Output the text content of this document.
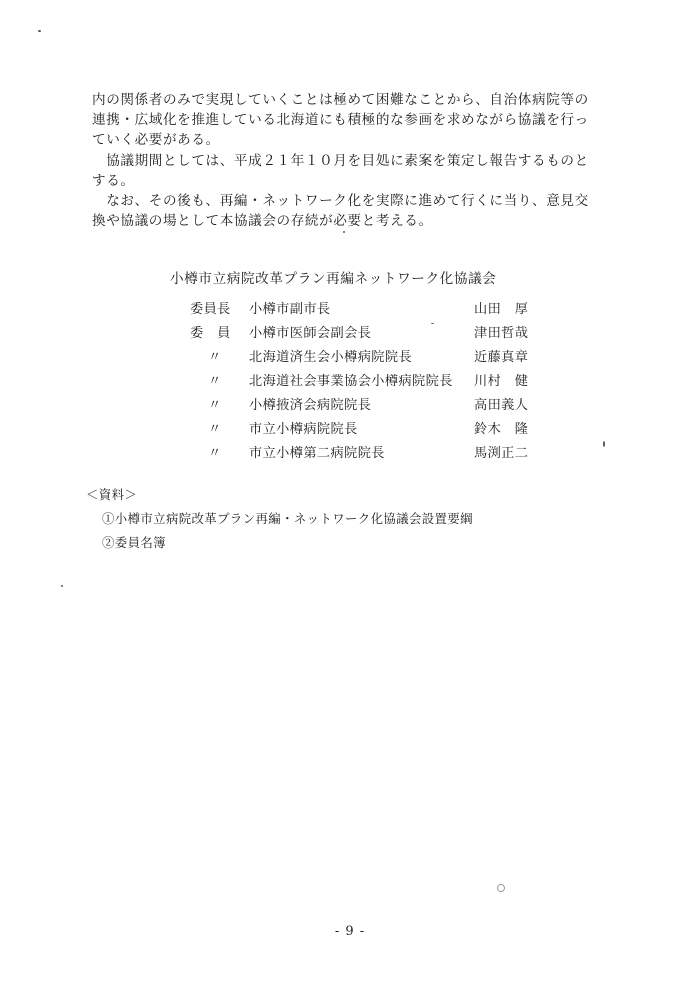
内の関係者のみで実現していくことは極めて困難なことから、自治体病院等の
連携・広域化を推進している北海道にも積極的な参画を求めながら協議を行っ
ていく必要がある。

　協議期間としては、平成２１年１０月を目処に素案を策定し報告するものと
する。

　なお、その後も、再編・ネットワーク化を実際に進めて行くに当り、意見交
換や協議の場として本協議会の存続が必要と考える。

小樽市立病院改革プラン再編ネットワーク化協議会
委員長 小樽市副市長	山田　厚
委　員 小樽市医師会副会長	津田哲哉
〃 北海道済生会小樽病院院長	近藤真章
〃 北海道社会事業協会小樽病院院長 川村　健
〃 小樽掖済会病院院長	高田義人
〃 市立小樽病院院長	鈴木　隆
〃 市立小樽第二病院院長	馬渕正二
＜資料＞
①小樽市立病院改革プラン再編・ネットワーク化協議会設置要綱
②委員名簿
- 9 -
